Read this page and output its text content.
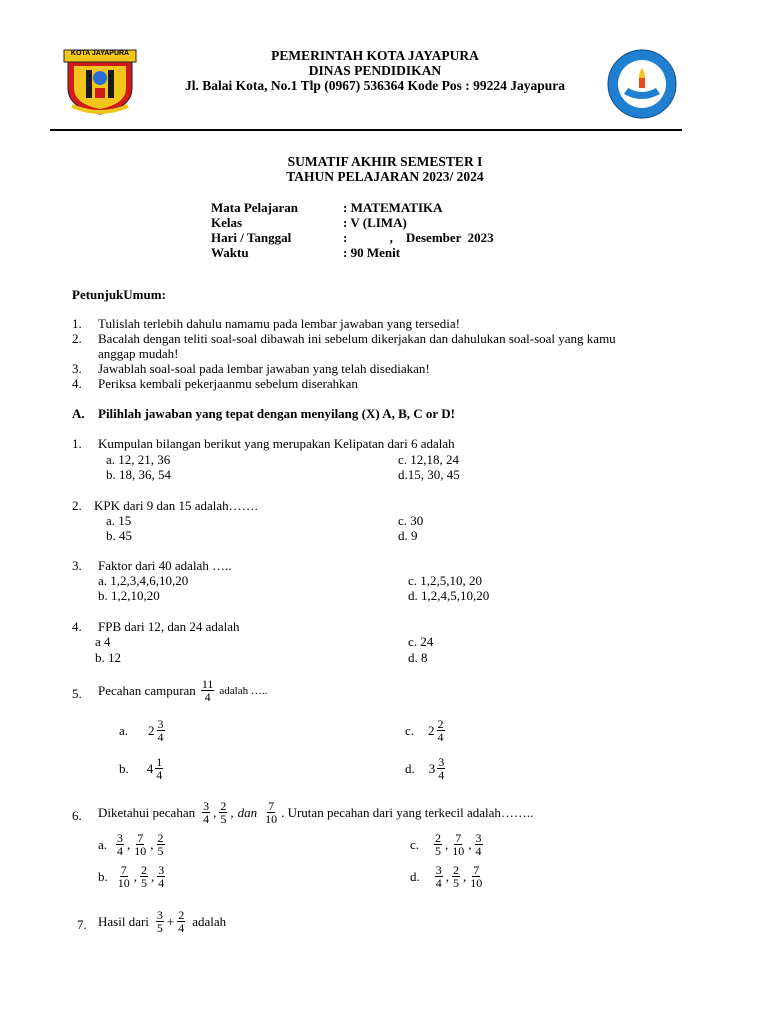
KOTA JAYAPURA	PEMERINTAH KOTA JAYAPURA
DINAS PENDIDIKAN
Jl. Balai Kota, No.1 Tlp (0967) 536364 Kode Pos : 99224 Jayapura
SUMATIF AKHIR SEMESTER I
TAHUN PELAJARAN 2023/ 2024
Mata Pelajaran	: MATEMATIKA
Kelas	: V (LIMA)
Hari / Tanggal	:             ,    Desember  2023
Waktu	: 90 Menit
PetunjukUmum:
1. Tulislah terlebih dahulu namamu pada lembar jawaban yang tersedia!
2. Bacalah dengan teliti soal-soal dibawah ini sebelum dikerjakan dan dahulukan soal-soal yang kamu
anggap mudah!
3. Jawablah soal-soal pada lembar jawaban yang telah disediakan!
4. Periksa kembali pekerjaanmu sebelum diserahkan
A. Pilihlah jawaban yang tepat dengan menyilang (X) A, B, C or D!
1. Kumpulan bilangan berikut yang merupakan Kelipatan dari 6 adalah
a. 12, 21, 36
b. 18, 36, 54
c. 12,18, 24
d.15, 30, 45
2. KPK dari 9 dan 15 adalah…….
a. 15
b. 45
c. 30
d. 9
3. Faktor dari 40 adalah …..
a. 1,2,3,4,6,10,20
b. 1,2,10,20
c. 1,2,5,10, 20
d. 1,2,4,5,10,20
4. FPB dari 12, dan 24 adalah
a 4
b. 12
c. 24
d. 8
5. Pecahan campuran $\frac{11}{4}$ adalah …..
a. $2 \frac{3}{4}$
b. $4 \frac{1}{4}$
c. $2 \frac{2}{4}$
d. $3 \frac{3}{4}$
6. Diketahui pecahan $\frac{3}{4}$ , $\frac{2}{5}$ , dan $\frac{7}{10}$ . Urutan pecahan dari yang terkecil adalah……..
a. $\frac{3}{4}$ , $\frac{7}{10}$ , $\frac{2}{5}$
b. $\frac{7}{10}$ , $\frac{2}{5}$ , $\frac{3}{4}$
c. $\frac{2}{5}$ , $\frac{7}{10}$ , $\frac{3}{4}$
d. $\frac{3}{4}$ , $\frac{2}{5}$ , $\frac{7}{10}$
7. Hasil dari $\frac{3}{5} + \frac{2}{4}$ adalah
